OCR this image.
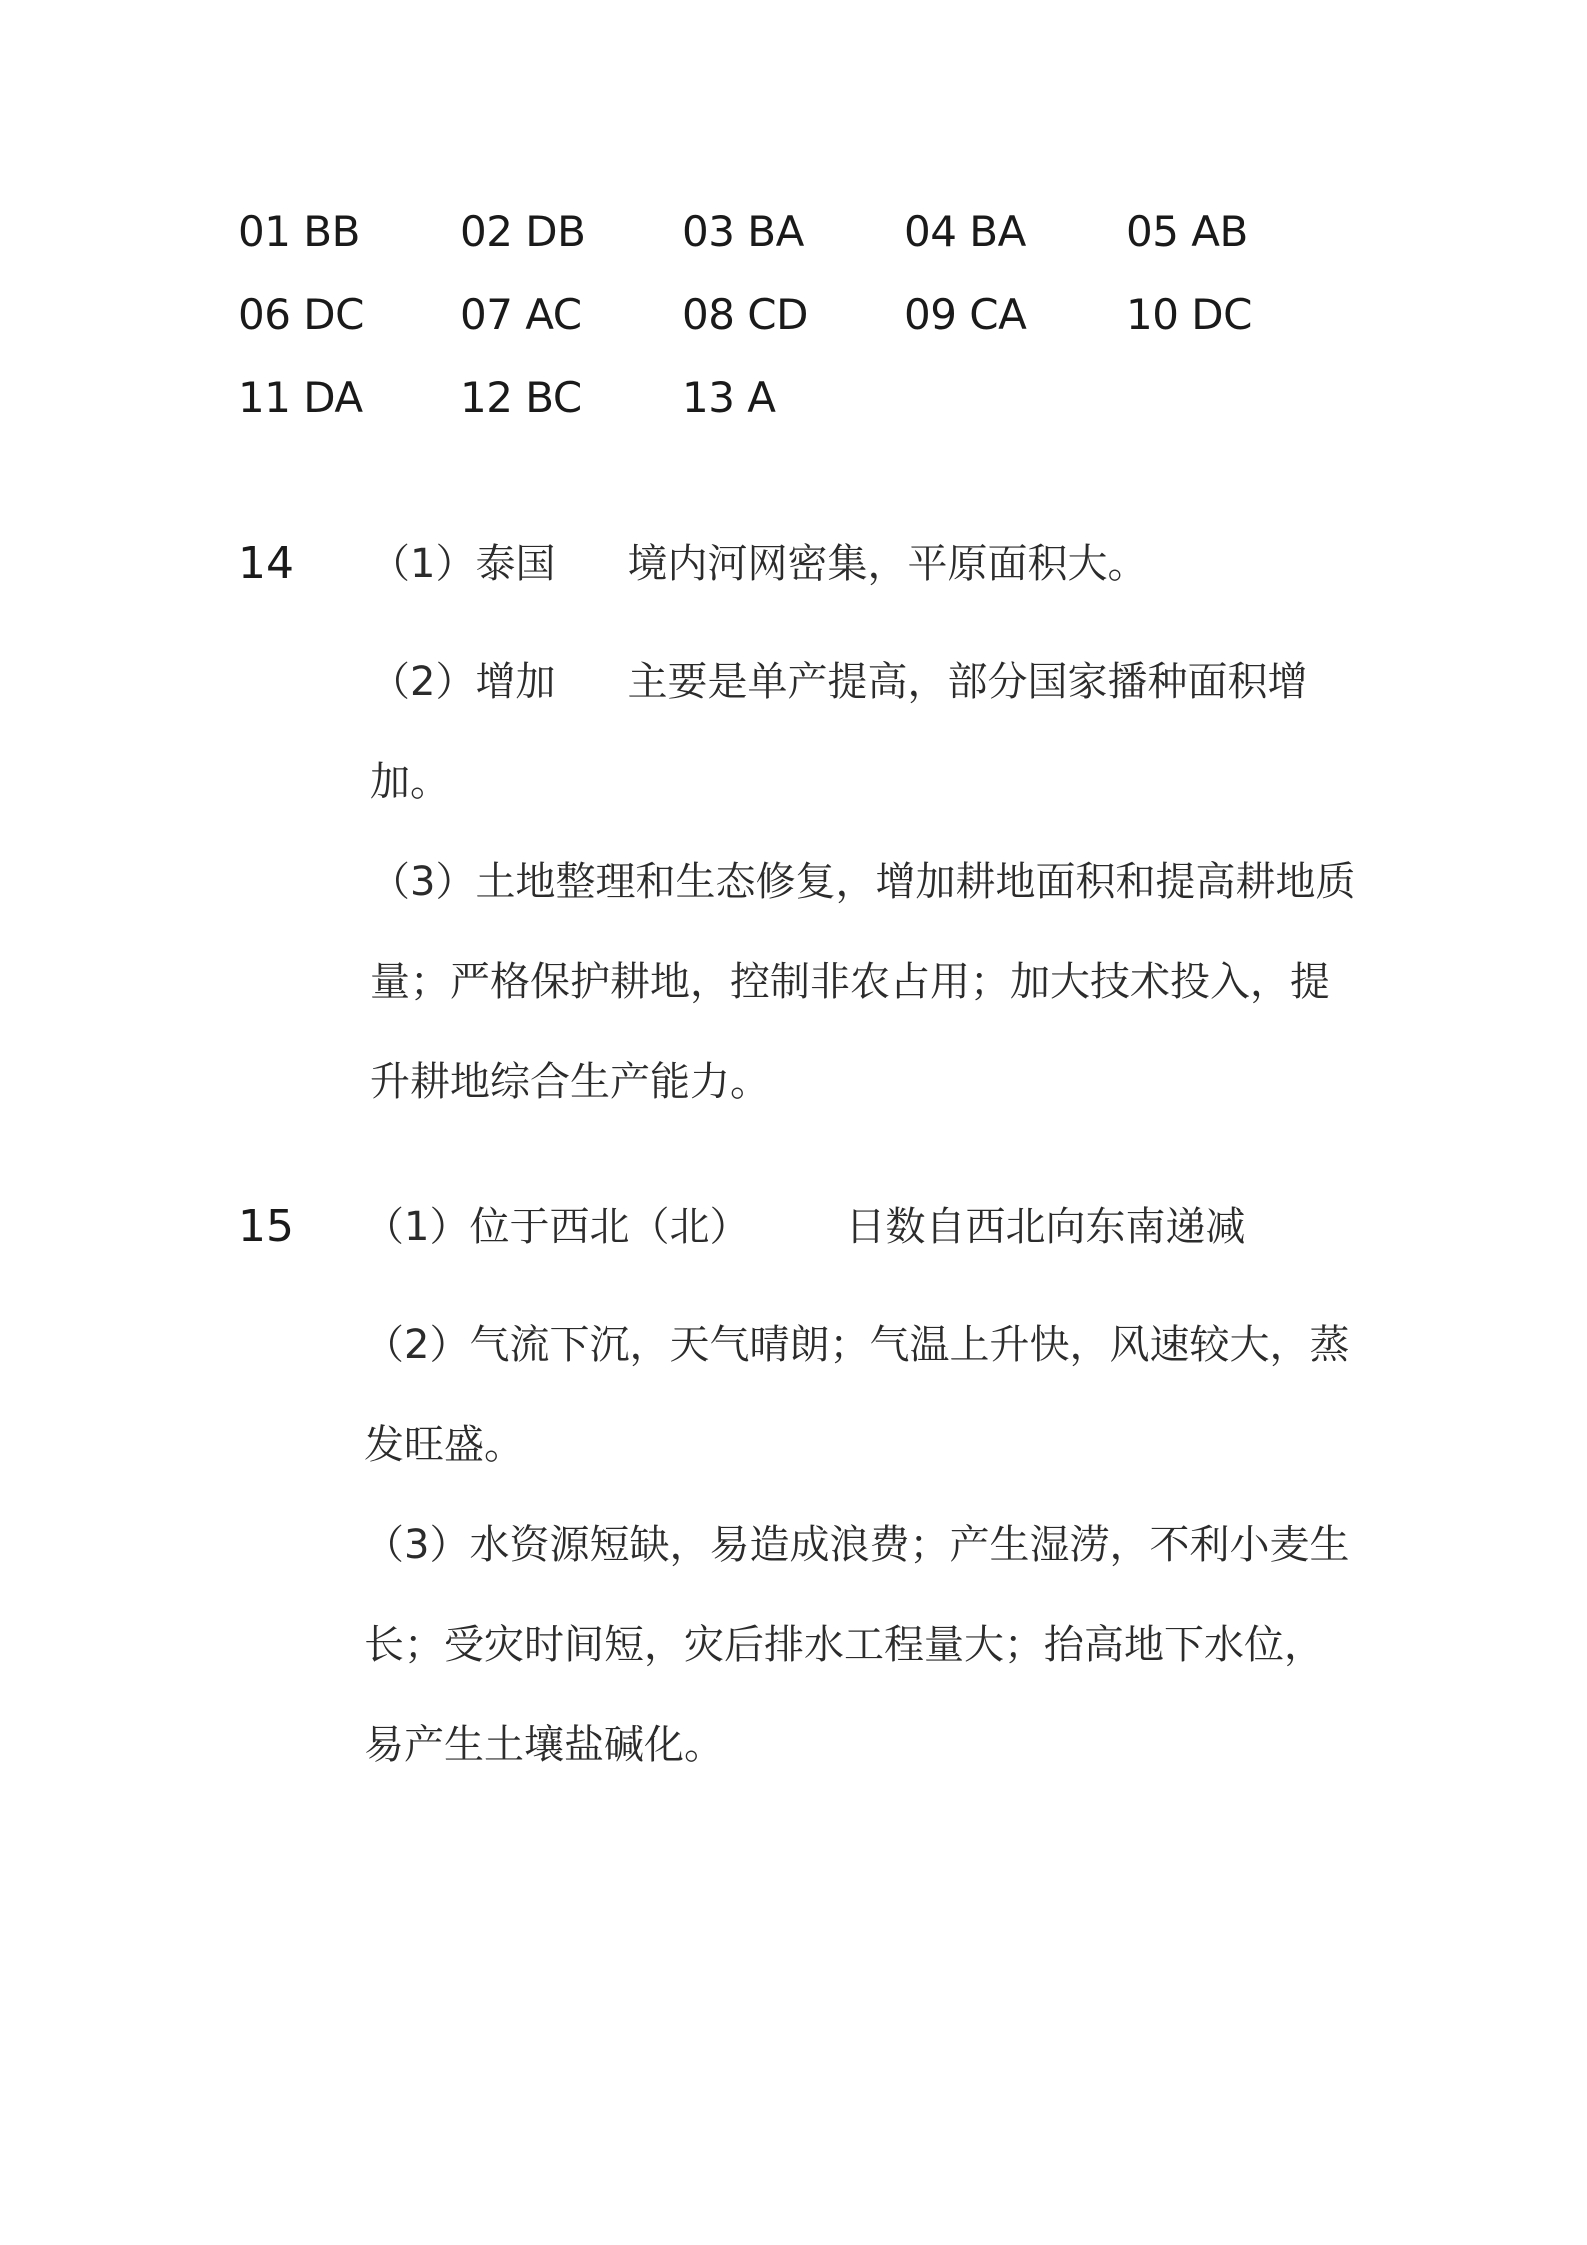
01 BB 02 DB 03 BA 04 BA 05 AB
06 DC 07 AC 08 CD 09 CA 10 DC
11 DA 12 BC 13 A
14 （1）泰国 境内河网密集，平原面积大。

（2）增加 主要是单产提高，部分国家播种面积增

加。

（3）土地整理和生态修复，增加耕地面积和提高耕地质

量；严格保护耕地，控制非农占用；加大技术投入，提

升耕地综合生产能力。

15 （1）位于西北（北） 日数自西北向东南递减

（2）气流下沉，天气晴朗；气温上升快，风速较大，蒸

发旺盛。

（3）水资源短缺，易造成浪费；产生湿涝，不利小麦生

长；受灾时间短，灾后排水工程量大；抬高地下水位，

易产生土壤盐碱化。
